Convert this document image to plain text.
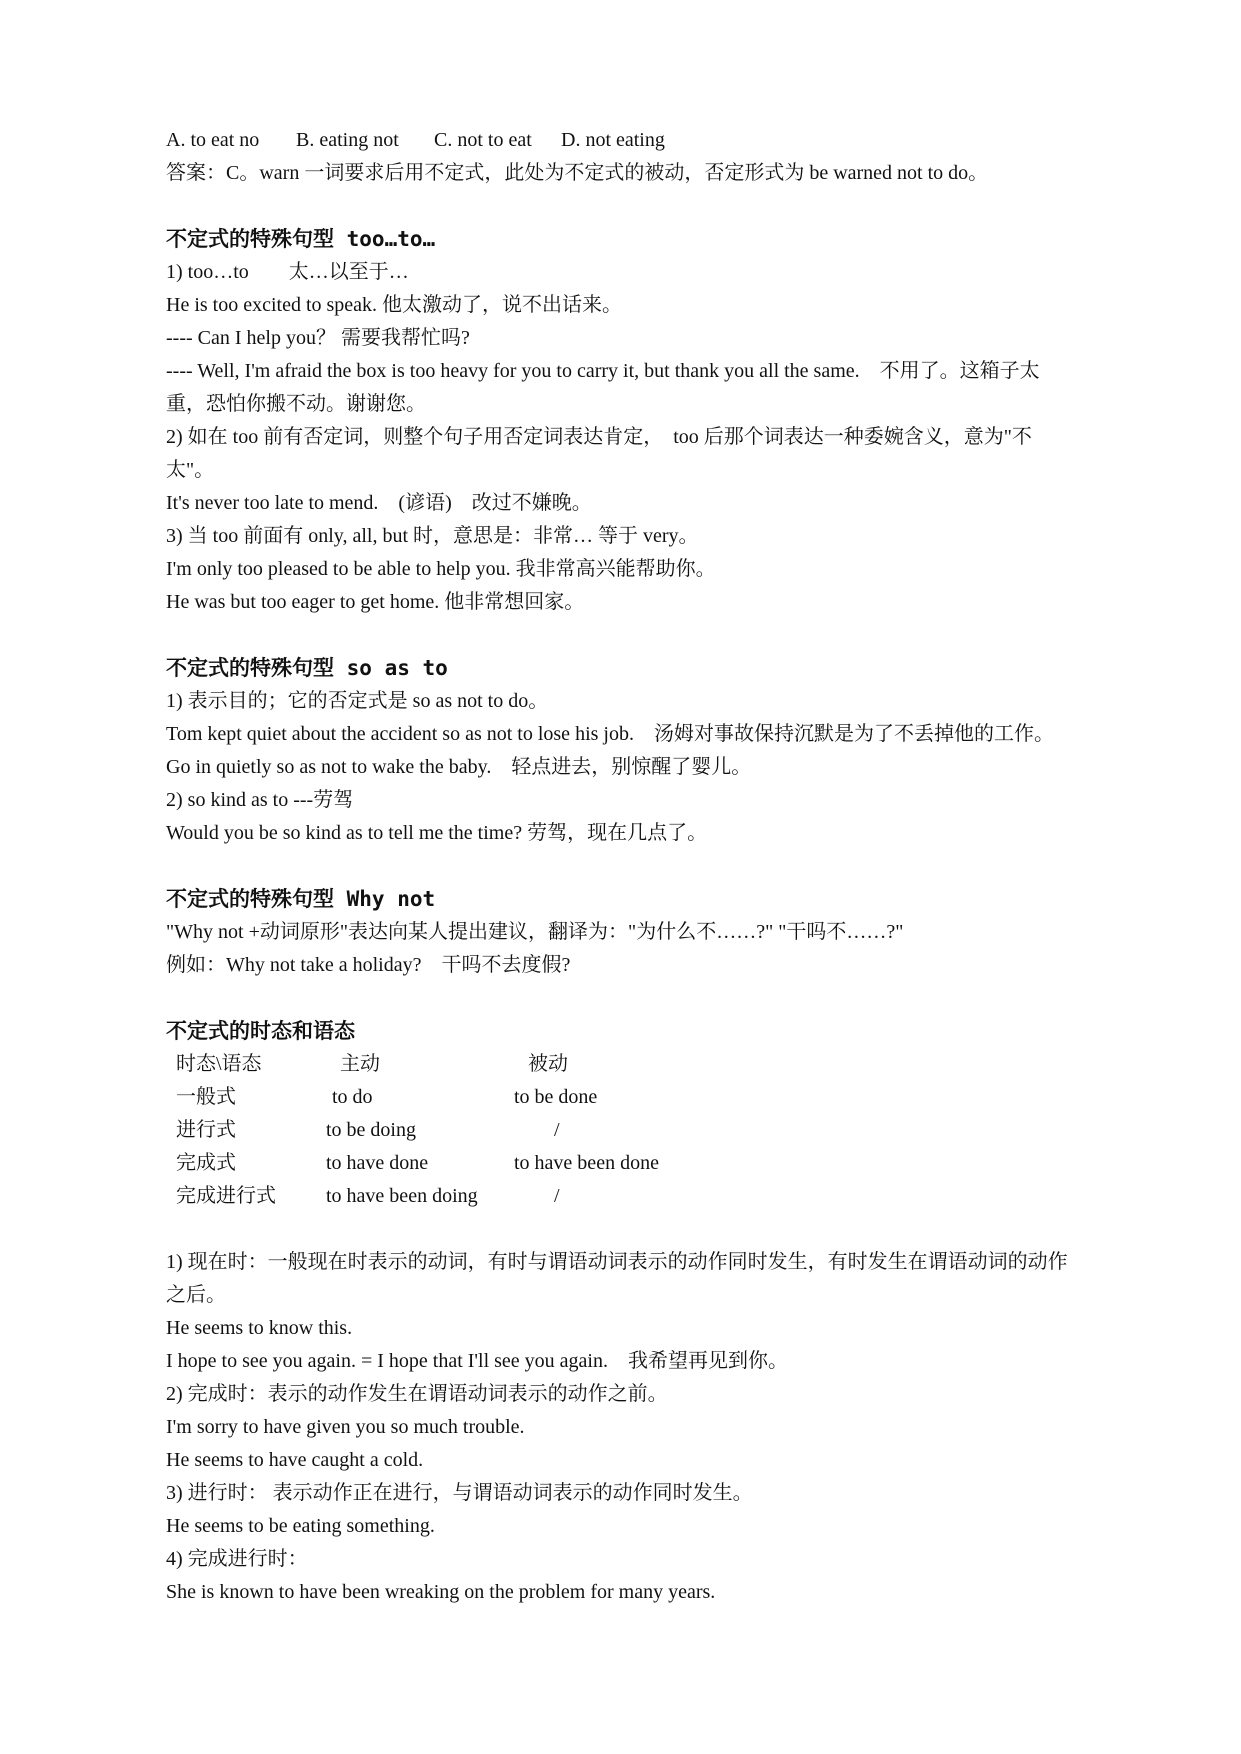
A. to eat no B. eating not C. not to eat D. not eating

答案：C。warn 一词要求后用不定式，此处为不定式的被动，否定形式为 be warned not to do。

不定式的特殊句型 too…to…

1) too…to　　太…以至于…

He is too excited to speak. 他太激动了，说不出话来。

---- Can I help you？ 需要我帮忙吗?

---- Well, I'm afraid the box is too heavy for you to carry it, but thank you all the same.　不用了。这箱子太重，恐怕你搬不动。谢谢您。

2) 如在 too 前有否定词，则整个句子用否定词表达肯定，　too 后那个词表达一种委婉含义，意为"不太"。

It's never too late to mend.　(谚语)　改过不嫌晚。

3) 当 too 前面有 only, all, but 时，意思是：非常… 等于 very。

I'm only too pleased to be able to help you. 我非常高兴能帮助你。

He was but too eager to get home. 他非常想回家。

不定式的特殊句型 so as to

1) 表示目的；它的否定式是 so as not to do。

Tom kept quiet about the accident so as not to lose his job.　汤姆对事故保持沉默是为了不丢掉他的工作。

Go in quietly so as not to wake the baby.　轻点进去，别惊醒了婴儿。

2) so kind as to ---劳驾

Would you be so kind as to tell me the time? 劳驾，现在几点了。

不定式的特殊句型 Why not

"Why not +动词原形"表达向某人提出建议，翻译为："为什么不……?" "干吗不……?"

例如：Why not take a holiday?　干吗不去度假?

不定式的时态和语态

时态\语态	主动	被动
一般式	to do	to be done
进行式	to be doing	/
完成式	to have done	to have been done
完成进行式	to have been doing	/

1) 现在时：一般现在时表示的动词，有时与谓语动词表示的动作同时发生，有时发生在谓语动词的动作之后。

He seems to know this.

I hope to see you again. = I hope that I'll see you again.　我希望再见到你。

2) 完成时：表示的动作发生在谓语动词表示的动作之前。

I'm sorry to have given you so much trouble.

He seems to have caught a cold.

3) 进行时： 表示动作正在进行，与谓语动词表示的动作同时发生。

He seems to be eating something.

4) 完成进行时：

She is known to have been wreaking on the problem for many years.
